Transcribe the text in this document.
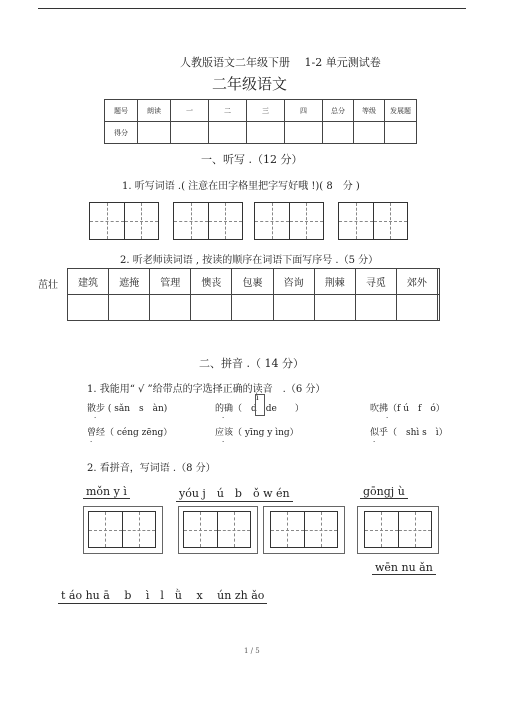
人教版语文二年级下册　 1-2 单元测试卷
二年级语文
题号	朗读	一	二	三	四	总分	等级	发展题
得分								
一、听写 .（12 分）
1. 听写词语 .( 注意在田字格里把字写好哦 !)( 8　分 )
2. 听老师读词语 , 按读的顺序在词语下面写序号 .（5 分）
茁壮 建筑	遮掩	管理	懊丧	包裹	咨询	荆棘	寻觅	郊外	

二、拼音 .（ 14 分）
1. 我能用“ √ ”给带点的字选择正确的读音　.（6 分）
散步 ( sǎn　s　àn)	的确（　d　de　　）	吹拂（f ú　f　ó）
ì
·	·	·
曾经（ céng zēng）	应该（ yīng y ìng）	似乎（　shì s　ì）
·	·	·
2. 看拼音，写词语 .（8 分）
mǒn y ì	yóu j　ú　b　ǒ w én	gōngj ù
wēn nu ǎn
t áo hu ā　 b　 ì　l　ǜ　 x　 ún zh ǎo
1 / 5
